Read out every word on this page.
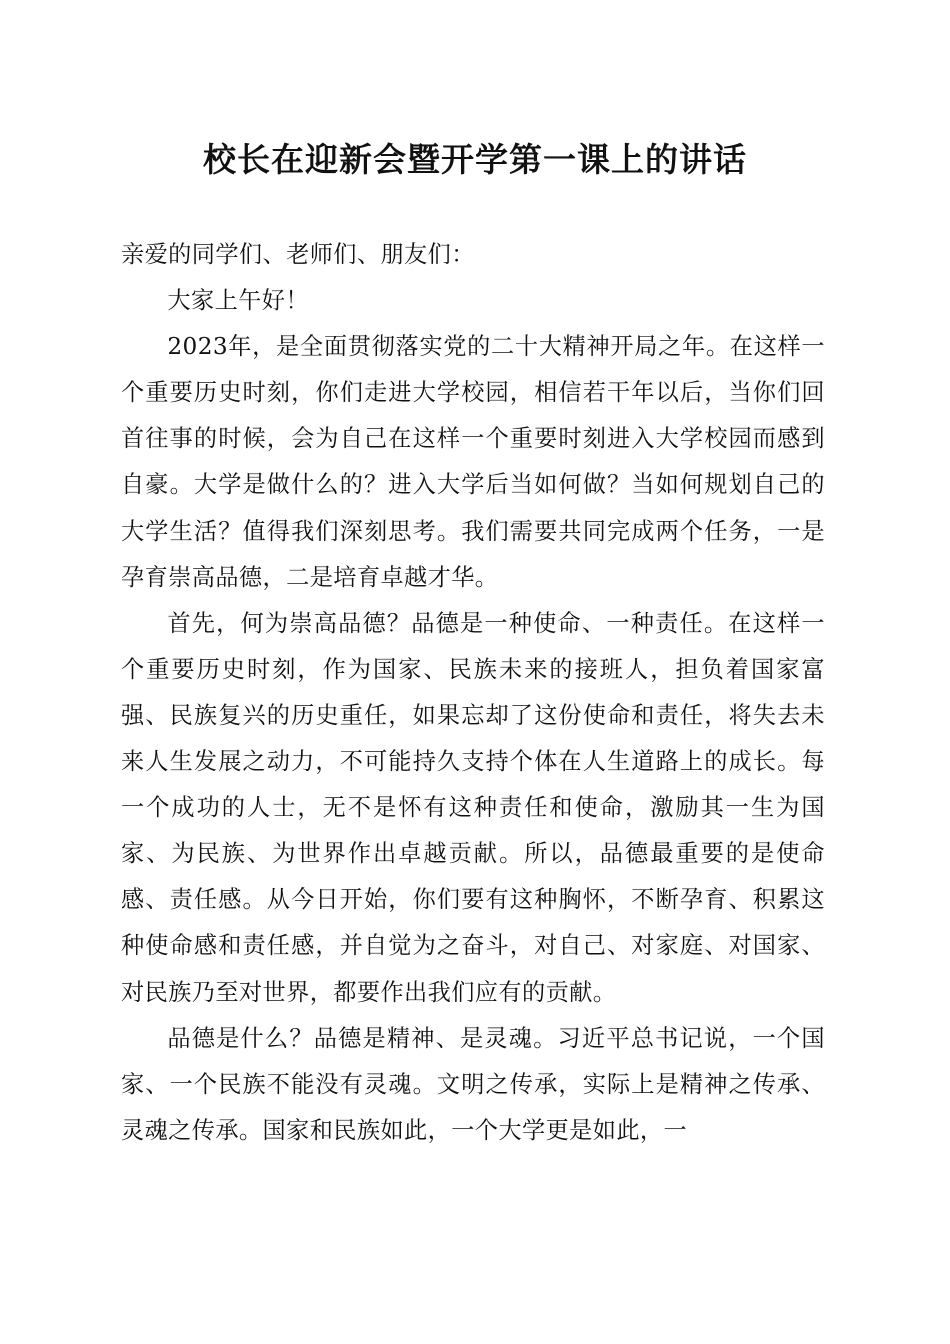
校长在迎新会暨开学第一课上的讲话

亲爱的同学们、老师们、朋友们：

大家上午好！

2023年，是全面贯彻落实党的二十大精神开局之年。在这样一个重要历史时刻，你们走进大学校园，相信若干年以后，当你们回首往事的时候，会为自己在这样一个重要时刻进入大学校园而感到自豪。大学是做什么的？进入大学后当如何做？当如何规划自己的大学生活？值得我们深刻思考。我们需要共同完成两个任务，一是孕育崇高品德，二是培育卓越才华。

首先，何为崇高品德？品德是一种使命、一种责任。在这样一个重要历史时刻，作为国家、民族未来的接班人，担负着国家富强、民族复兴的历史重任，如果忘却了这份使命和责任，将失去未来人生发展之动力，不可能持久支持个体在人生道路上的成长。每一个成功的人士，无不是怀有这种责任和使命，激励其一生为国家、为民族、为世界作出卓越贡献。所以，品德最重要的是使命感、责任感。从今日开始，你们要有这种胸怀，不断孕育、积累这种使命感和责任感，并自觉为之奋斗，对自己、对家庭、对国家、对民族乃至对世界，都要作出我们应有的贡献。

品德是什么？品德是精神、是灵魂。习近平总书记说，一个国家、一个民族不能没有灵魂。文明之传承，实际上是精神之传承、灵魂之传承。国家和民族如此，一个大学更是如此，一
